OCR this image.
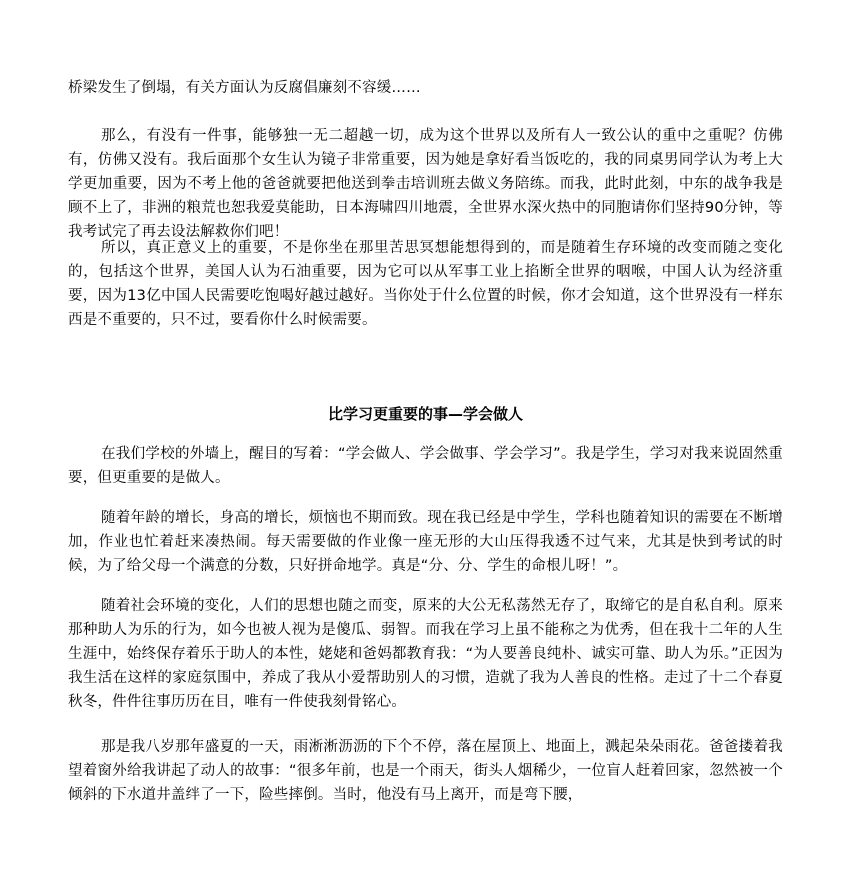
桥梁发生了倒塌，有关方面认为反腐倡廉刻不容缓……

那么，有没有一件事，能够独一无二超越一切，成为这个世界以及所有人一致公认的重中之重呢？仿佛有，仿佛又没有。我后面那个女生认为镜子非常重要，因为她是拿好看当饭吃的，我的同桌男同学认为考上大学更加重要，因为不考上他的爸爸就要把他送到拳击培训班去做义务陪练。而我，此时此刻，中东的战争我是顾不上了，非洲的粮荒也恕我爱莫能助，日本海啸四川地震，全世界水深火热中的同胞请你们坚持90分钟，等我考试完了再去设法解救你们吧！

所以，真正意义上的重要，不是你坐在那里苦思冥想能想得到的，而是随着生存环境的改变而随之变化的，包括这个世界，美国人认为石油重要，因为它可以从军事工业上掐断全世界的咽喉，中国人认为经济重要，因为13亿中国人民需要吃饱喝好越过越好。当你处于什么位置的时候，你才会知道，这个世界没有一样东西是不重要的，只不过，要看你什么时候需要。

比学习更重要的事—学会做人

在我们学校的外墙上，醒目的写着：“学会做人、学会做事、学会学习”。我是学生，学习对我来说固然重要，但更重要的是做人。

随着年龄的增长，身高的增长，烦恼也不期而致。现在我已经是中学生，学科也随着知识的需要在不断增加，作业也忙着赶来凑热闹。每天需要做的作业像一座无形的大山压得我透不过气来，尤其是快到考试的时候，为了给父母一个满意的分数，只好拼命地学。真是“分、分、学生的命根儿呀！”。

随着社会环境的变化，人们的思想也随之而变，原来的大公无私荡然无存了，取缔它的是自私自利。原来那种助人为乐的行为，如今也被人视为是傻瓜、弱智。而我在学习上虽不能称之为优秀，但在我十二年的人生生涯中，始终保存着乐于助人的本性，姥姥和爸妈都教育我：“为人要善良纯朴、诚实可靠、助人为乐。”正因为我生活在这样的家庭氛围中，养成了我从小爱帮助别人的习惯，造就了我为人善良的性格。走过了十二个春夏秋冬，件件往事历历在目，唯有一件使我刻骨铭心。

那是我八岁那年盛夏的一天，雨淅淅沥沥的下个不停，落在屋顶上、地面上，溅起朵朵雨花。爸爸搂着我望着窗外给我讲起了动人的故事：“很多年前，也是一个雨天，街头人烟稀少，一位盲人赶着回家，忽然被一个倾斜的下水道井盖绊了一下，险些摔倒。当时，他没有马上离开，而是弯下腰，
